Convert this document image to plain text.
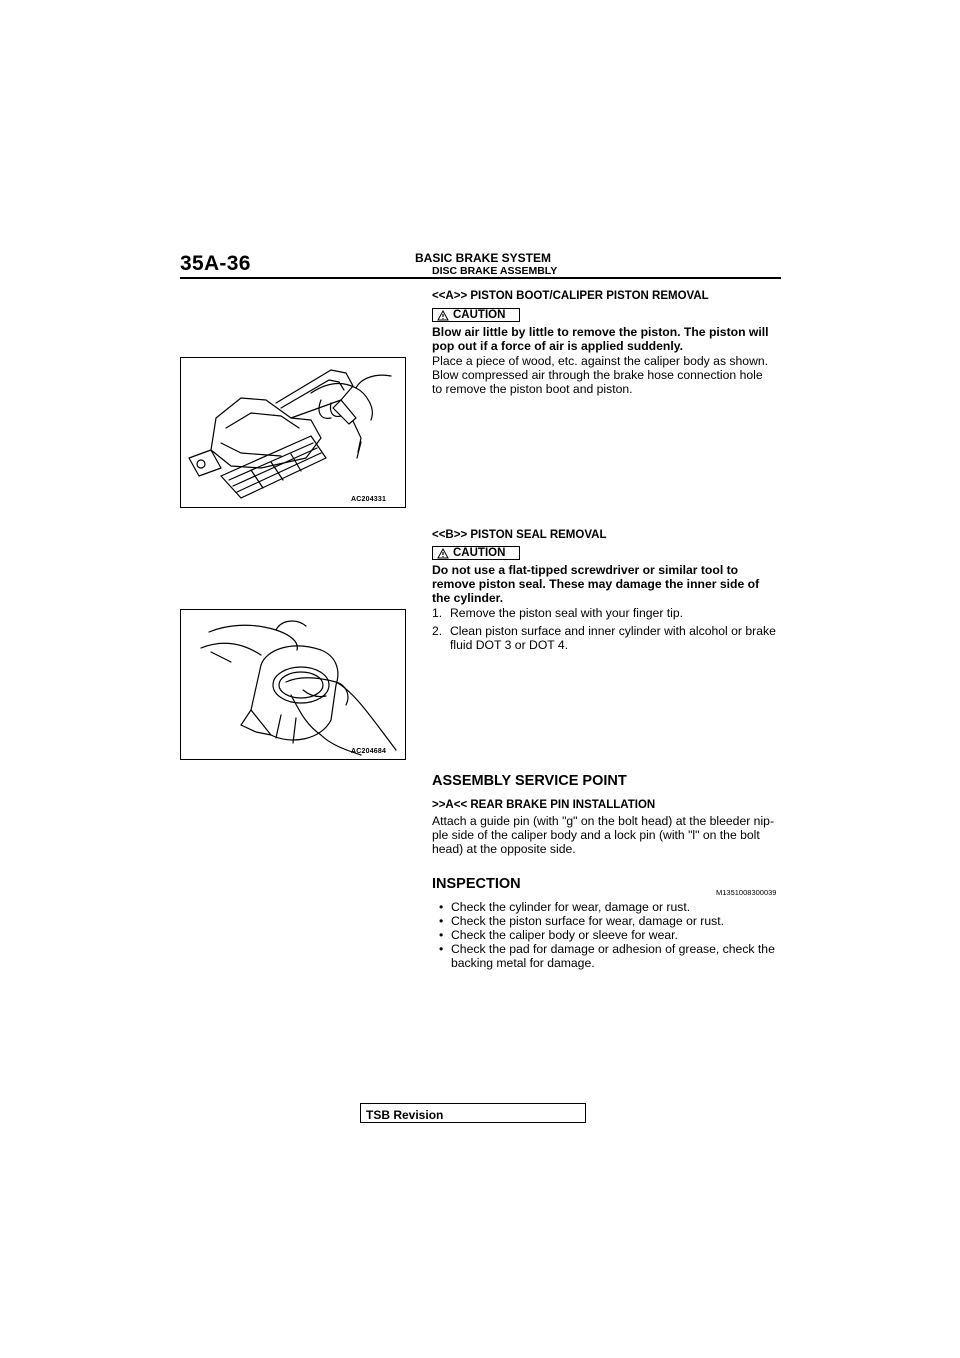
35A-36	BASIC BRAKE SYSTEM
DISC BRAKE ASSEMBLY
AC204331
<<A>> PISTON BOOT/CALIPER PISTON REMOVAL
CAUTION
Blow air little by little to remove the piston. The piston will
pop out if a force of air is applied suddenly.
Place a piece of wood, etc. against the caliper body as shown.
Blow compressed air through the brake hose connection hole
to remove the piston boot and piston.
AC204684
<<B>> PISTON SEAL REMOVAL
CAUTION
Do not use a flat-tipped screwdriver or similar tool to
remove piston seal. These may damage the inner side of
the cylinder.
1. Remove the piston seal with your finger tip.
2. Clean piston surface and inner cylinder with alcohol or brake
fluid DOT 3 or DOT 4.
ASSEMBLY SERVICE POINT
>>A<< REAR BRAKE PIN INSTALLATION
Attach a guide pin (with "g" on the bolt head) at the bleeder nip-
ple side of the caliper body and a lock pin (with "l" on the bolt
head) at the opposite side.
INSPECTION
M1351008300039
• Check the cylinder for wear, damage or rust.
• Check the piston surface for wear, damage or rust.
• Check the caliper body or sleeve for wear.
• Check the pad for damage or adhesion of grease, check the
backing metal for damage.
TSB Revision
